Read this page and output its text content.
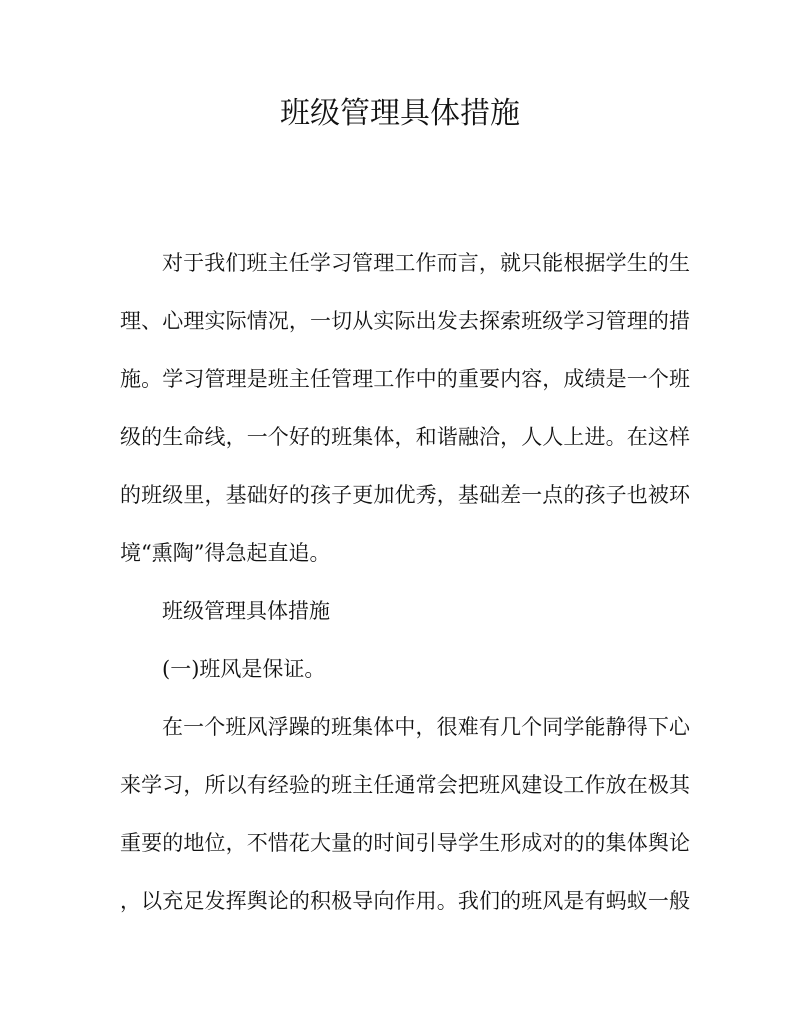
班级管理具体措施
对于我们班主任学习管理工作而言，就只能根据学生的生
理、心理实际情况，一切从实际出发去探索班级学习管理的措
施。学习管理是班主任管理工作中的重要内容，成绩是一个班
级的生命线，一个好的班集体，和谐融洽，人人上进。在这样
的班级里，基础好的孩子更加优秀，基础差一点的孩子也被环
境“熏陶”得急起直追。
班级管理具体措施
(一)班风是保证。
在一个班风浮躁的班集体中，很难有几个同学能静得下心
来学习，所以有经验的班主任通常会把班风建设工作放在极其
重要的地位，不惜花大量的时间引导学生形成对的的集体舆论
，以充足发挥舆论的积极导向作用。我们的班风是有蚂蚁一般
